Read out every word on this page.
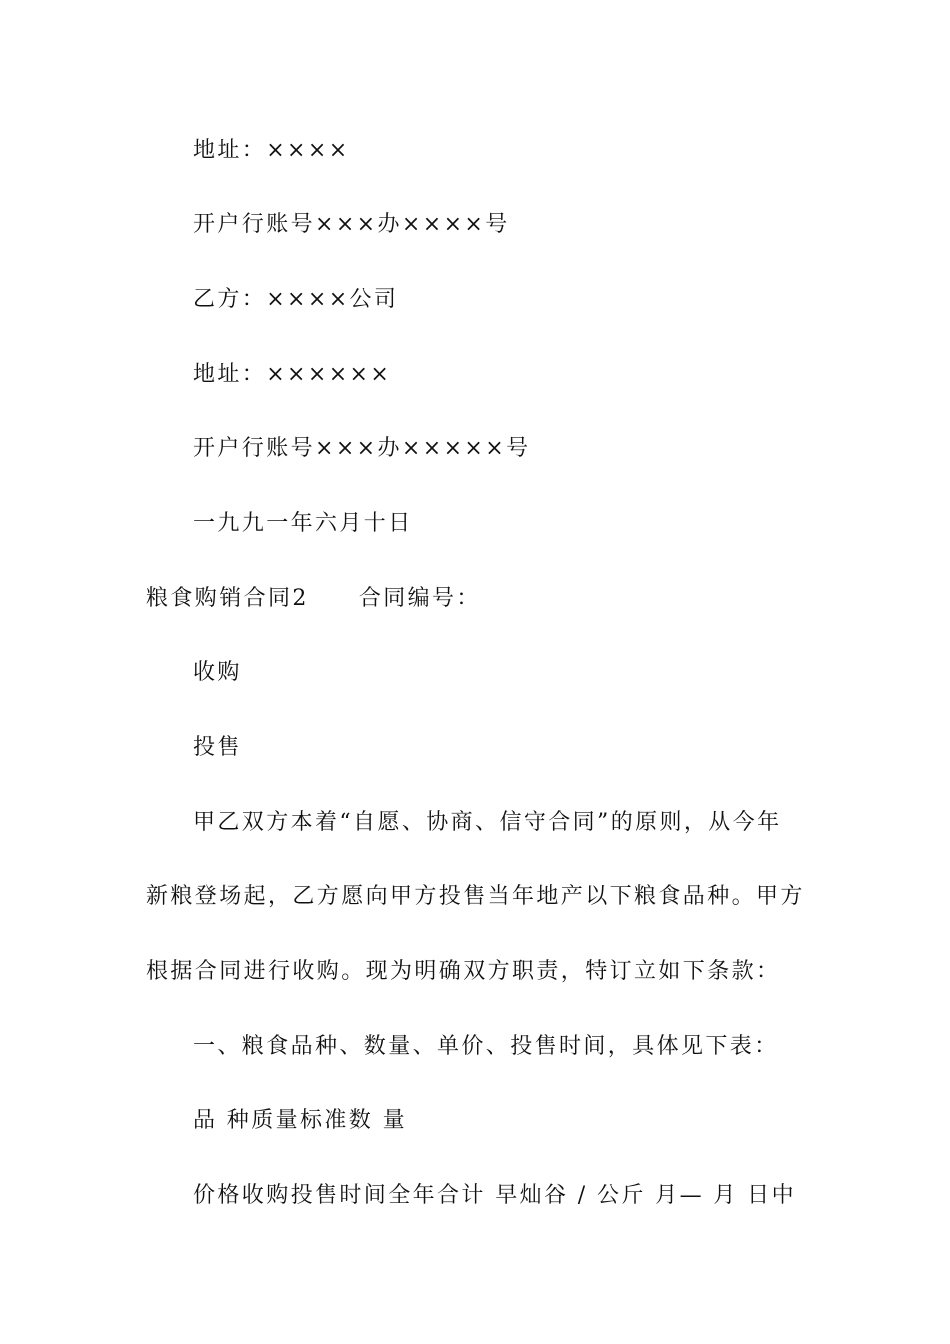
地址：××××
开户行账号×××办××××号
乙方：××××公司
地址：××××××
开户行账号×××办×××××号
一九九一年六月十日
粮食购销合同2 合同编号：
收购
投售
甲乙双方本着“自愿、协商、信守合同”的原则，从今年
新粮登场起，乙方愿向甲方投售当年地产以下粮食品种。甲方
根据合同进行收购。现为明确双方职责，特订立如下条款：
一、粮食品种、数量、单价、投售时间，具体见下表：
品 种质量标准数 量
价格收购投售时间全年合计 早灿谷 / 公斤 月— 月 日中
